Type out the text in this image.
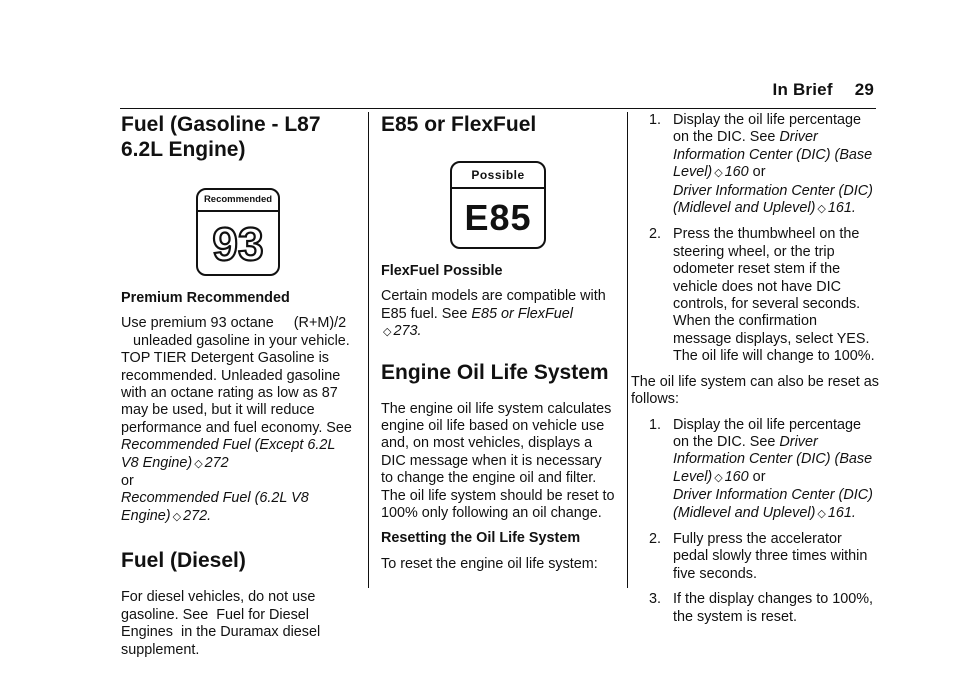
In Brief 29
Fuel (Gasoline - L87 6.2L Engine)
Recommended
93
Premium Recommended
Use premium 93 octane     (R+M)/2    unleaded gasoline in your vehicle. TOP TIER Detergent Gasoline is recommended. Unleaded gasoline with an octane rating as low as 87 may be used, but it will reduce performance and fuel economy. See Recommended Fuel (Except 6.2L V8 Engine) ◇ 272
or
Recommended Fuel (6.2L V8 Engine) ◇ 272.
Fuel (Diesel)
For diesel vehicles, do not use gasoline. See  Fuel for Diesel Engines  in the Duramax diesel supplement.
E85 or FlexFuel
Possible
E85
FlexFuel Possible
Certain models are compatible with E85 fuel. See E85 or FlexFuel
◇ 273.
Engine Oil Life System
The engine oil life system calculates engine oil life based on vehicle use and, on most vehicles, displays a DIC message when it is necessary to change the engine oil and filter. The oil life system should be reset to 100% only following an oil change.
Resetting the Oil Life System
To reset the engine oil life system:
1. Display the oil life percentage on the DIC. See Driver Information Center (DIC) (Base Level) ◇ 160 or
Driver Information Center (DIC) (Midlevel and Uplevel) ◇ 161.
2. Press the thumbwheel on the steering wheel, or the trip odometer reset stem if the vehicle does not have DIC controls, for several seconds. When the confirmation message displays, select YES. The oil life will change to 100%.
The oil life system can also be reset as follows:
1. Display the oil life percentage on the DIC. See Driver Information Center (DIC) (Base Level) ◇ 160 or
Driver Information Center (DIC) (Midlevel and Uplevel) ◇ 161.
2. Fully press the accelerator pedal slowly three times within five seconds.
3. If the display changes to 100%, the system is reset.
